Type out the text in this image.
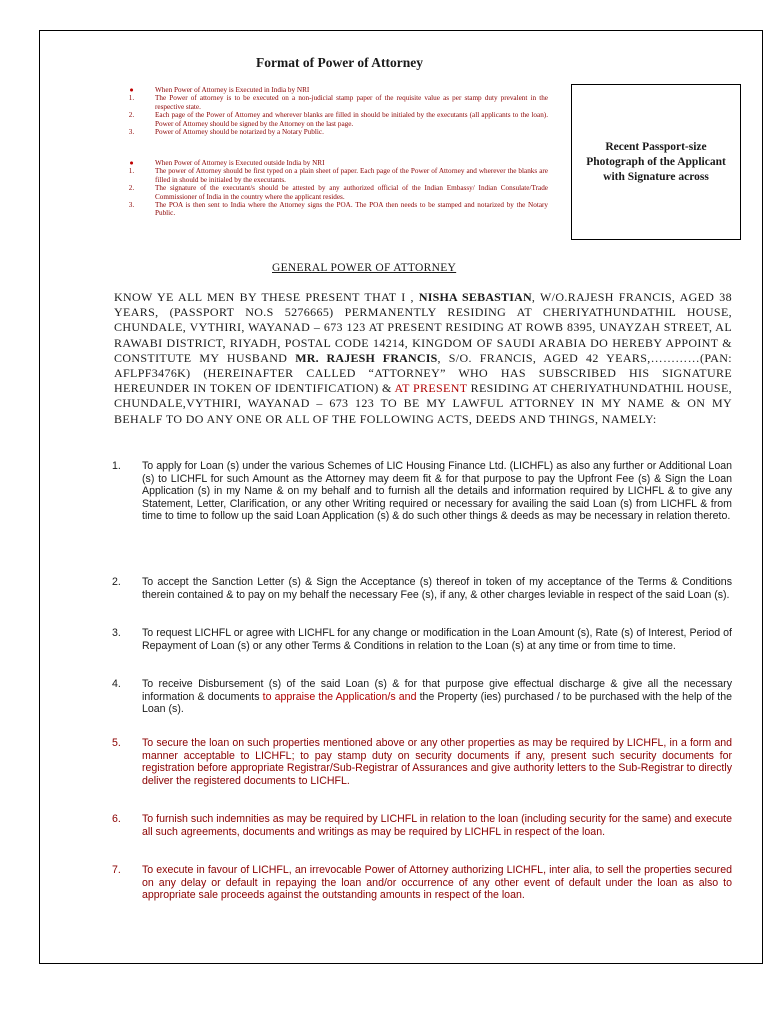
Format of Power of Attorney
●	When Power of Attorney is Executed in India by NRI
1.	The Power of attorney is to be executed on a non-judicial stamp paper of the requisite value as per stamp duty prevalent in the respective state.
2.	Each page of the Power of Attorney and wherever blanks are filled in should be initialed by the executants (all applicants to the loan). Power of Attorney should be signed by the Attorney on the last page.
3.	Power of Attorney should be notarized by a Notary Public.
●	When Power of Attorney is Executed outside India by NRI
1.	The power of Attorney should be first typed on a plain sheet of paper. Each page of the Power of Attorney and wherever the blanks are filled in should be initialed by the executants.
2.	The signature of the executant/s should be attested by any authorized official of the Indian Embassy/ Indian Consulate/Trade Commissioner of India in the country where the applicant resides.
3.	The POA is then sent to India where the Attorney signs the POA. The POA then needs to be stamped and notarized by the Notary Public.
Recent Passport-size Photograph of the Applicant with Signature across
GENERAL POWER OF ATTORNEY
KNOW YE ALL MEN BY THESE PRESENT THAT I , NISHA SEBASTIAN, W/O.RAJESH FRANCIS, AGED 38 YEARS, (PASSPORT NO.S 5276665) PERMANENTLY RESIDING AT CHERIYATHUNDATHIL HOUSE, CHUNDALE, VYTHIRI, WAYANAD – 673 123 AT PRESENT RESIDING AT ROWB 8395, UNAYZAH STREET, AL RAWABI DISTRICT, RIYADH, POSTAL CODE 14214, KINGDOM OF SAUDI ARABIA DO HEREBY APPOINT & CONSTITUTE MY HUSBAND MR. RAJESH FRANCIS, S/O. FRANCIS, AGED 42 YEARS,…………(PAN: AFLPF3476K) (HEREINAFTER CALLED “ATTORNEY” WHO HAS SUBSCRIBED HIS SIGNATURE HEREUNDER IN TOKEN OF IDENTIFICATION) & AT PRESENT RESIDING AT CHERIYATHUNDATHIL HOUSE, CHUNDALE,VYTHIRI, WAYANAD – 673 123 TO BE MY LAWFUL ATTORNEY IN MY NAME & ON MY BEHALF TO DO ANY ONE OR ALL OF THE FOLLOWING ACTS, DEEDS AND THINGS, NAMELY:
1.	To apply for Loan (s) under the various Schemes of LIC Housing Finance Ltd. (LICHFL) as also any further or Additional Loan (s) to LICHFL for such Amount as the Attorney may deem fit & for that purpose to pay the Upfront Fee (s) & Sign the Loan Application (s) in my Name & on my behalf and to furnish all the details and information required by LICHFL & to give any Statement, Letter, Clarification, or any other Writing required or necessary for availing the said Loan (s) from LICHFL & from time to time to follow up the said Loan Application (s) & do such other things & deeds as may be necessary in relation thereto.
2.	To accept the Sanction Letter (s) & Sign the Acceptance (s) thereof in token of my acceptance of the Terms & Conditions therein contained & to pay on my behalf the necessary Fee (s), if any, & other charges leviable in respect of the said Loan (s).
3.	To request LICHFL or agree with LICHFL for any change or modification in the Loan Amount (s), Rate (s) of Interest, Period of Repayment of Loan (s) or any other Terms & Conditions in relation to the Loan (s) at any time or from time to time.
4.	To receive Disbursement (s) of the said Loan (s) & for that purpose give effectual discharge & give all the necessary information & documents to appraise the Application/s and the Property (ies) purchased / to be purchased with the help of the Loan (s).
5.	To secure the loan on such properties mentioned above or any other properties as may be required by LICHFL, in a form and manner acceptable to LICHFL; to pay stamp duty on security documents if any, present such security documents for registration before appropriate Registrar/Sub-Registrar of Assurances and give authority letters to the Sub-Registrar to directly deliver the registered documents to LICHFL.
6.	To furnish such indemnities as may be required by LICHFL in relation to the loan (including security for the same) and execute all such agreements, documents and writings as may be required by LICHFL in respect of the loan.
7.	To execute in favour of LICHFL, an irrevocable Power of Attorney authorizing LICHFL, inter alia, to sell the properties secured on any delay or default in repaying the loan and/or occurrence of any other event of default under the loan as also to appropriate sale proceeds against the outstanding amounts in respect of the loan.
